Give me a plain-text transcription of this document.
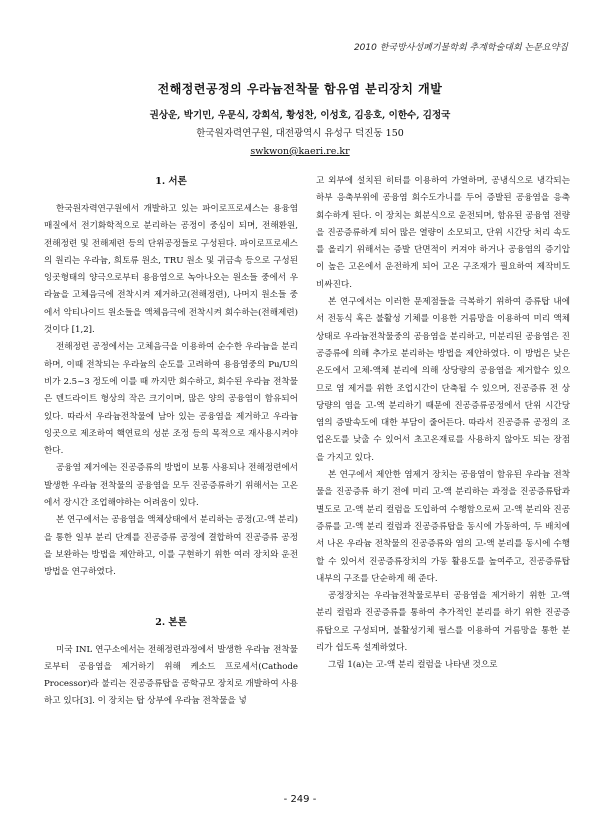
2010 한국방사성폐기물학회 추계학술대회 논문요약집
전해정련공정의 우라늄전착물 함유염 분리장치 개발
권상운, 박기민, 우문식, 강희석, 황성찬, 이성호, 김응호, 이한수, 김정국
한국원자력연구원, 대전광역시 유성구 덕진동 150
swkwon@kaeri.re.kr
1. 서론

한국원자력연구원에서 개발하고 있는 파이로프로세스는 용융염 매질에서 전기화학적으로 분리하는 공정이 중심이 되며, 전해환원, 전해정련 및 전해제련 등의 단위공정들로 구성된다. 파이로프로세스의 원리는 우라늄, 희토류 원소, TRU 원소 및 귀금속 등으로 구성된 잉곳형태의 양극으로부터 용융염으로 녹아나오는 원소들 중에서 우라늄을 고체음극에 전착시켜 제거하고(전해정련), 나머지 원소들 중에서 악티나이드 원소들을 액체음극에 전착시켜 회수하는(전해제련) 것이다 [1,2].

전해정련 공정에서는 고체음극을 이용하여 순수한 우라늄을 분리하며, 이때 전착되는 우라늄의 순도를 고려하여 용융염중의 Pu/U의 비가 2.5~3 정도에 이를 때 까지만 회수하고, 회수된 우라늄 전착물은 덴드라이트 형상의 작은 크기이며, 많은 양의 공융염이 함유되어 있다. 따라서 우라늄전착물에 남아 있는 공융염을 제거하고 우라늄 잉곳으로 제조하여 핵연료의 성분 조정 등의 목적으로 재사용시켜야 한다.

공융염 제거에는 진공증류의 방법이 보통 사용되나 전해정련에서 발생한 우라늄 전착물의 공융염을 모두 진공증류하기 위해서는 고온에서 장시간 조업해야하는 어려움이 있다.

본 연구에서는 공융염을 액체상태에서 분리하는 공정(고-액 분리)을 통한 일부 분리 단계를 진공증류 공정에 결합하여 진공증류 공정을 보완하는 방법을 제안하고, 이를 구현하기 위한 여러 장치와 운전방법을 연구하였다.

2. 본론

미국 INL 연구소에서는 전해정련과정에서 발생한 우라늄 전착물로부터 공융염을 제거하기 위해 케소드 프로세서(Cathode Processor)라 불리는 진공증류탑을 공학규모 장치로 개발하여 사용하고 있다[3]. 이 장치는 탑 상부에 우라늄 전착물을 넣

고 외부에 설치된 히터를 이용하여 가열하며, 공냉식으로 냉각되는 하부 응축부위에 공융염 회수도가니를 두어 증발된 공융염을 응축 회수하게 된다. 이 장치는 회분식으로 운전되며, 함유된 공융염 전량을 진공증류하게 되어 많은 열량이 소모되고, 단위 시간당 처리 속도를 올리기 위해서는 증발 단면적이 커져야 하거나 공융염의 증기압이 높은 고온에서 운전하게 되어 고온 구조재가 필요하여 제작비도 비싸진다.

본 연구에서는 이러한 문제점들을 극복하기 위하여 증류탑 내에서 전동식 혹은 불활성 기체를 이용한 거름망을 이용하여 미리 액체 상태로 우라늄전착물중의 공융염을 분리하고, 미분리된 공융염은 진공증류에 의해 추가로 분리하는 방법을 제안하였다. 이 방법은 낮은 온도에서 고체-액체 분리에 의해 상당량의 공융염을 제거할수 있으므로 염 제거를 위한 조업시간이 단축될 수 있으며, 진공증류 전 상당량의 염을 고-액 분리하기 때문에 진공증류공정에서 단위 시간당 염의 증발속도에 대한 부담이 줄어든다. 따라서 진공증류 공정의 조업온도를 낮출 수 있어서 초고온재료를 사용하지 않아도 되는 장점을 가지고 있다.

본 연구에서 제안한 염제거 장치는 공융염이 함유된 우라늄 전착물을 진공증류 하기 전에 미리 고-액 분리하는 과정을 진공증류탑과 별도로 고-액 분리 컬럼을 도입하여 수행함으로써 고-액 분리와 진공증류를 고-액 분리 컬럼과 진공증류탑을 동시에 가동하여, 두 배치에서 나온 우라늄 전착물의 진공증류와 염의 고-액 분리를 동시에 수행할 수 있어서 진공증류장치의 가동 활용도를 높여주고, 진공증류탑 내부의 구조를 단순하게 해 준다.

공정장치는 우라늄전착물로부터 공융염을 제거하기 위한 고-액 분리 컬럼과 진공증류를 통하여 추가적인 분리를 하기 위한 진공증류탑으로 구성되며, 불활성기체 펄스를 이용하여 거름망을 통한 분리가 쉽도록 설계하였다.

그림 1(a)는 고-액 분리 컬럼을 나타낸 것으로

- 249 -
